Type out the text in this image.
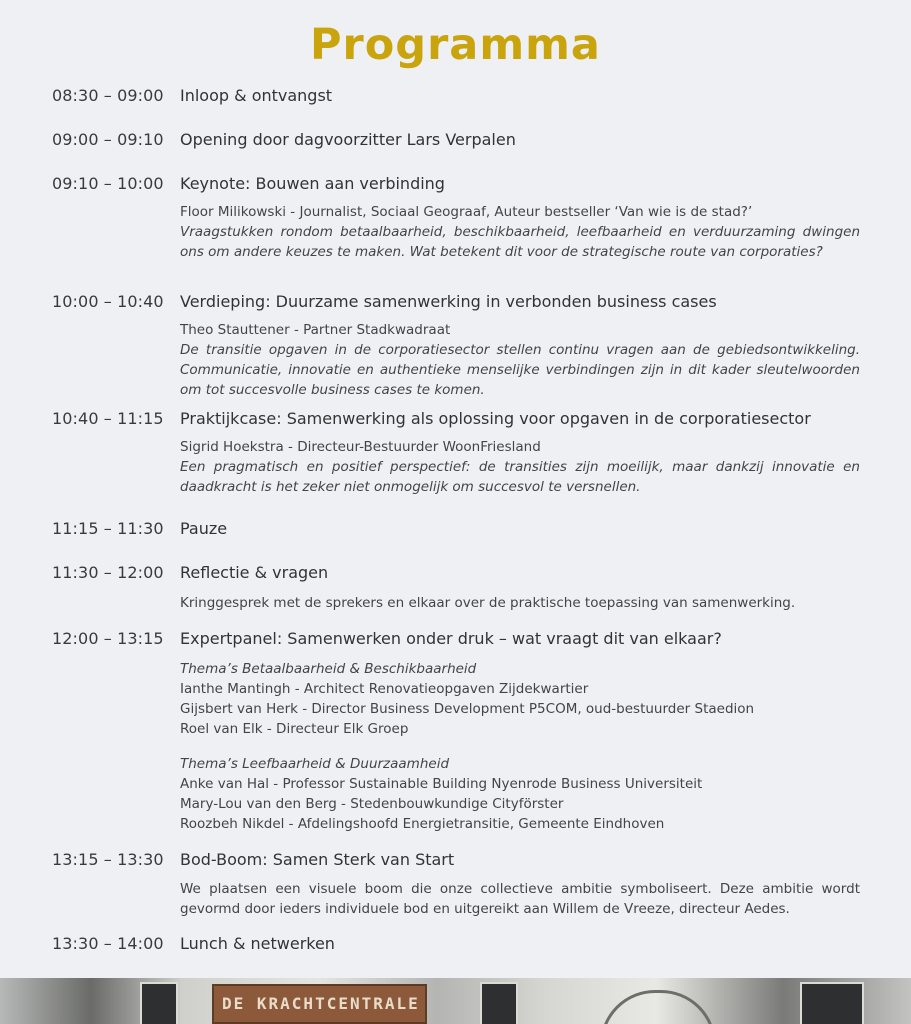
Programma
08:30 – 09:00 Inloop & ontvangst
09:00 – 09:10 Opening door dagvoorzitter Lars Verpalen
09:10 – 10:00 Keynote: Bouwen aan verbinding
Floor Milikowski - Journalist, Sociaal Geograaf, Auteur bestseller ‘Van wie is de stad?’
Vraagstukken rondom betaalbaarheid, beschikbaarheid, leefbaarheid en verduurzaming dwingen ons om andere keuzes te maken. Wat betekent dit voor de strategische route van corporaties?
10:00 – 10:40 Verdieping: Duurzame samenwerking in verbonden business cases
Theo Stauttener - Partner Stadkwadraat
De transitie opgaven in de corporatiesector stellen continu vragen aan de gebiedsontwikkeling. Communicatie, innovatie en authentieke menselijke verbindingen zijn in dit kader sleutelwoorden om tot succesvolle business cases te komen.
10:40 – 11:15 Praktijkcase: Samenwerking als oplossing voor opgaven in de corporatiesector
Sigrid Hoekstra - Directeur-Bestuurder WoonFriesland
Een pragmatisch en positief perspectief: de transities zijn moeilijk, maar dankzij innovatie en daadkracht is het zeker niet onmogelijk om succesvol te versnellen.
11:15 – 11:30 Pauze
11:30 – 12:00 Reflectie & vragen
Kringgesprek met de sprekers en elkaar over de praktische toepassing van samenwerking.
12:00 – 13:15 Expertpanel: Samenwerken onder druk – wat vraagt dit van elkaar?
Thema’s Betaalbaarheid & Beschikbaarheid
Ianthe Mantingh - Architect Renovatieopgaven Zijdekwartier
Gijsbert van Herk - Director Business Development P5COM, oud-bestuurder Staedion
Roel van Elk - Directeur Elk Groep
Thema’s Leefbaarheid & Duurzaamheid
Anke van Hal - Professor Sustainable Building Nyenrode Business Universiteit
Mary-Lou van den Berg - Stedenbouwkundige Cityförster
Roozbeh Nikdel - Afdelingshoofd Energietransitie, Gemeente Eindhoven
13:15 – 13:30 Bod-Boom: Samen Sterk van Start
We plaatsen een visuele boom die onze collectieve ambitie symboliseert. Deze ambitie wordt gevormd door ieders individuele bod en uitgereikt aan Willem de Vreeze, directeur Aedes.
13:30 – 14:00 Lunch & netwerken
DE KRACHTCENTRALE
